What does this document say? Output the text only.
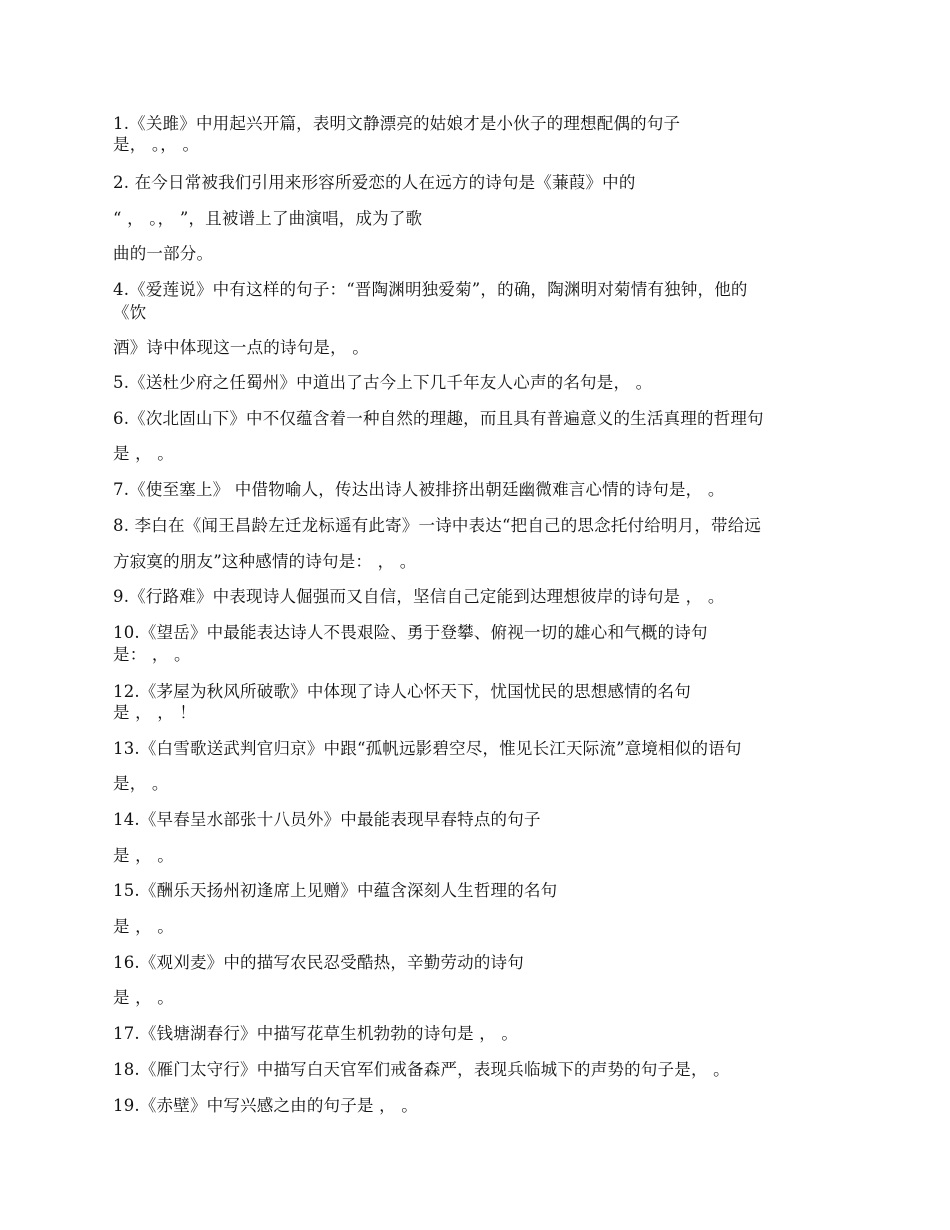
1.《关雎》中用起兴开篇，表明文静漂亮的姑娘才是小伙子的理想配偶的句子
是， 。， 。
2. 在今日常被我们引用来形容所爱恋的人在远方的诗句是《蒹葭》中的
“ ， 。， ”，且被谱上了曲演唱，成为了歌
曲的一部分。
4.《爱莲说》中有这样的句子：“晋陶渊明独爱菊”，的确，陶渊明对菊情有独钟，他的
《饮
酒》诗中体现这一点的诗句是， 。
5.《送杜少府之任蜀州》中道出了古今上下几千年友人心声的名句是， 。
6.《次北固山下》中不仅蕴含着一种自然的理趣，而且具有普遍意义的生活真理的哲理句
是 ， 。
7.《使至塞上》 中借物喻人，传达出诗人被排挤出朝廷幽微难言心情的诗句是， 。
8. 李白在《闻王昌龄左迁龙标遥有此寄》一诗中表达“把自己的思念托付给明月，带给远
方寂寞的朋友”这种感情的诗句是： ， 。
9.《行路难》中表现诗人倔强而又自信，坚信自己定能到达理想彼岸的诗句是 ， 。
10.《望岳》中最能表达诗人不畏艰险、勇于登攀、俯视一切的雄心和气概的诗句
是： ， 。
12.《茅屋为秋风所破歌》中体现了诗人心怀天下，忧国忧民的思想感情的名句
是 ， ， ！
13.《白雪歌送武判官归京》中跟“孤帆远影碧空尽，惟见长江天际流”意境相似的语句
是， 。
14.《早春呈水部张十八员外》中最能表现早春特点的句子
是 ， 。
15.《酬乐天扬州初逢席上见赠》中蕴含深刻人生哲理的名句
是 ， 。
16.《观刈麦》中的描写农民忍受酷热，辛勤劳动的诗句
是 ， 。
17.《钱塘湖春行》中描写花草生机勃勃的诗句是 ， 。
18.《雁门太守行》中描写白天官军们戒备森严，表现兵临城下的声势的句子是， 。
19.《赤壁》中写兴感之由的句子是 ， 。
